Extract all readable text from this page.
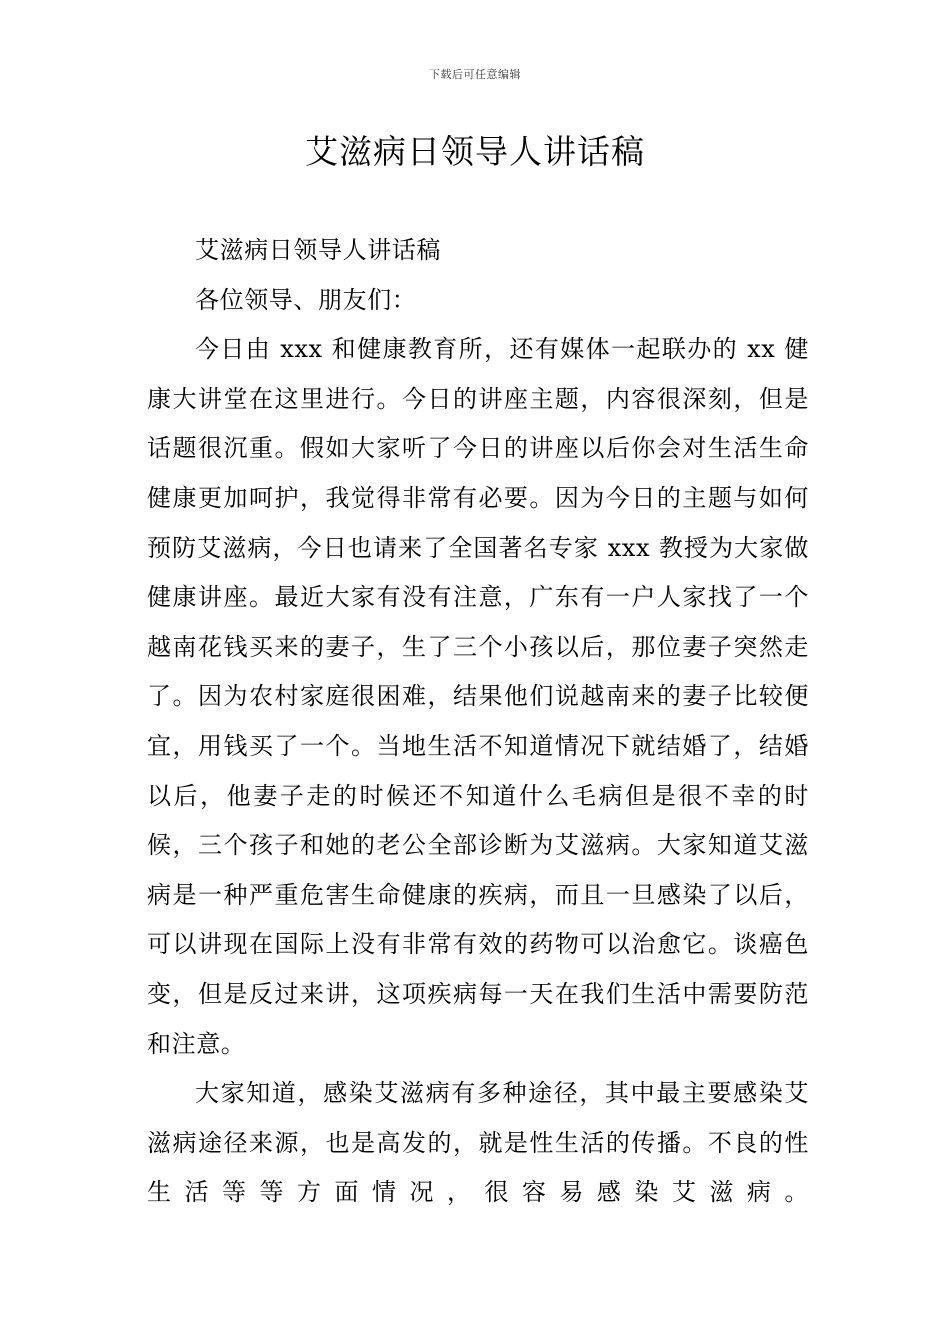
下载后可任意编辑
艾滋病日领导人讲话稿

艾滋病日领导人讲话稿

各位领导、朋友们：

今日由 xxx 和健康教育所，还有媒体一起联办的 xx 健康大讲堂在这里进行。今日的讲座主题，内容很深刻，但是话题很沉重。假如大家听了今日的讲座以后你会对生活生命健康更加呵护，我觉得非常有必要。因为今日的主题与如何预防艾滋病，今日也请来了全国著名专家 xxx 教授为大家做健康讲座。最近大家有没有注意，广东有一户人家找了一个越南花钱买来的妻子，生了三个小孩以后，那位妻子突然走了。因为农村家庭很困难，结果他们说越南来的妻子比较便宜，用钱买了一个。当地生活不知道情况下就结婚了，结婚以后，他妻子走的时候还不知道什么毛病但是很不幸的时候，三个孩子和她的老公全部诊断为艾滋病。大家知道艾滋病是一种严重危害生命健康的疾病，而且一旦感染了以后，可以讲现在国际上没有非常有效的药物可以治愈它。谈癌色变，但是反过来讲，这项疾病每一天在我们生活中需要防范和注意。

大家知道，感染艾滋病有多种途径，其中最主要感染艾滋病途径来源，也是高发的，就是性生活的传播。不良的性生活等等方面情况，很容易感染艾滋病。
